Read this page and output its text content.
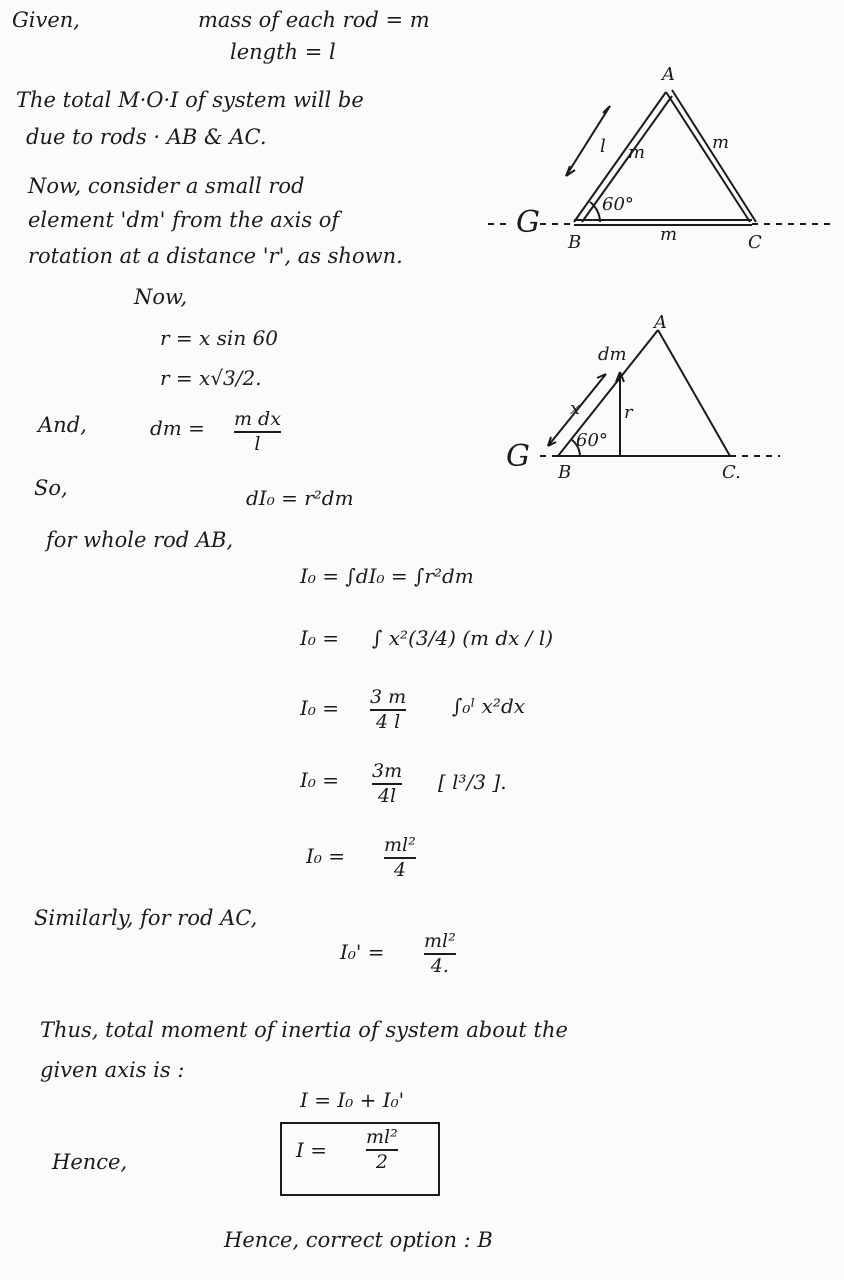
Given,	mass of each rod = m
length = l
The total M·O·I of system will be
due to rods · AB & AC.
Now, consider a small rod
element 'dm' from the axis of
rotation at a distance 'r', as shown.
Now,
r = x sin 60
r = x√3/2.
And,	dm = m dx
l
So,	dI₀ = r²dm
for whole rod AB,
I₀ = ∫dI₀ = ∫r²dm
I₀ = ∫ x²(3/4) (m dx / l)
I₀ = 3 m
4 l
∫₀ˡ x²dx
I₀ = 3m
4l
[ l³/3 ].
I₀ = ml²
4
Similarly, for rod AC,
I₀' = ml²
4.
Thus, total moment of inertia of system about the
given axis is :
I = I₀ + I₀'
Hence,	I =
ml²
2
Hence, correct option : B
A
B	C
l m	m
m
60°
G
A
B	C.
dm
x r
60°
G
